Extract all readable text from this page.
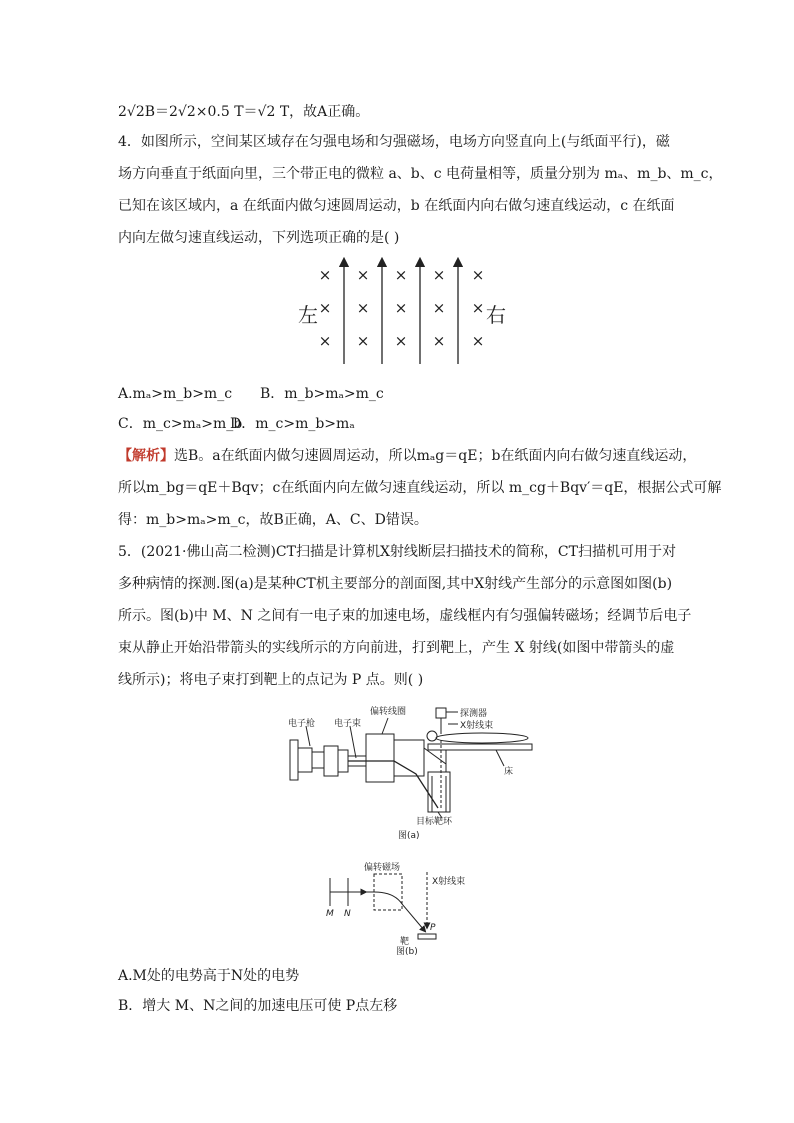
2√2B＝2√2×0.5 T＝√2 T，故A正确。
4．如图所示，空间某区域存在匀强电场和匀强磁场，电场方向竖直向上(与纸面平行)，磁
场方向垂直于纸面向里，三个带正电的微粒 a、b、c 电荷量相等，质量分别为 mₐ、m_b、m_c，
已知在该区域内，a 在纸面内做匀速圆周运动，b 在纸面内向右做匀速直线运动，c 在纸面
内向左做匀速直线运动，下列选项正确的是( )
× × × × ×
× × × × ×
× × × × ×
左	右
A.mₐ>m_b>m_c B．m_b>mₐ>m_c
C．m_c>mₐ>m_b
D．m_c>m_b>mₐ
【解析】选B。a在纸面内做匀速圆周运动，所以mₐg＝qE；b在纸面内向右做匀速直线运动，
所以m_bg＝qE＋Bqv；c在纸面内向左做匀速直线运动，所以 m_cg＋Bqv′＝qE，根据公式可解
得：m_b>mₐ>m_c，故B正确，A、C、D错误。
5．(2021·佛山高二检测)CT扫描是计算机X射线断层扫描技术的简称，CT扫描机可用于对
多种病情的探测.图(a)是某种CT机主要部分的剖面图,其中X射线产生部分的示意图如图(b)
所示。图(b)中 M、N 之间有一电子束的加速电场，虚线框内有匀强偏转磁场；经调节后电子
束从静止开始沿带箭头的实线所示的方向前进，打到靶上，产生 X 射线(如图中带箭头的虚
线所示)；将电子束打到靶上的点记为 P 点。则( )
电子枪 电子束
偏转线圈	探测器
X射线束
床
目标靶环
图(a)
偏转磁场
X射线束
M N
靶
P
图(b)
A.M处的电势高于N处的电势
B．增大 M、N之间的加速电压可使 P点左移
